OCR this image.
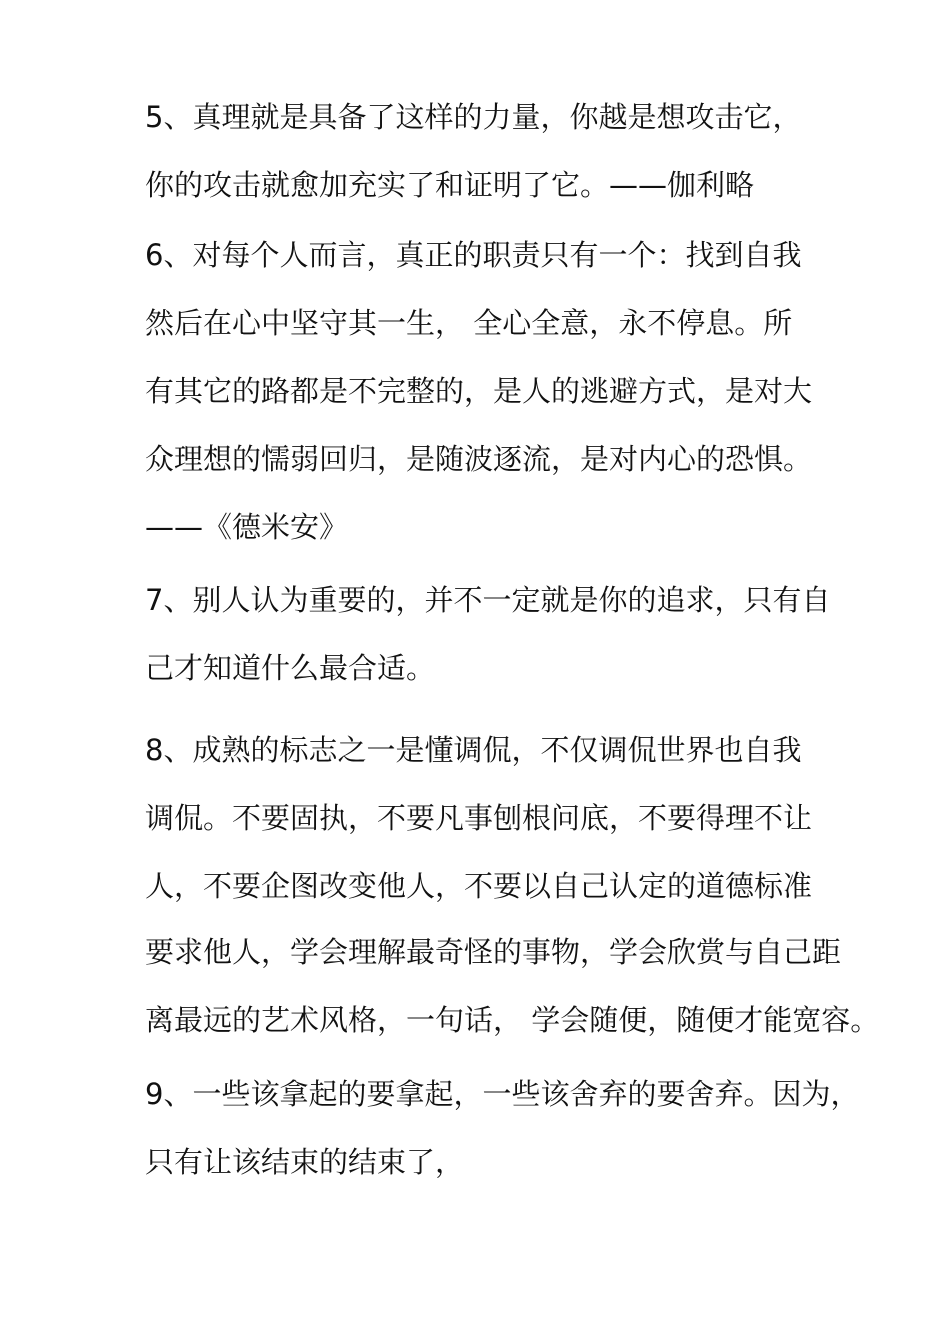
5、真理就是具备了这样的力量，你越是想攻击它，
你的攻击就愈加充实了和证明了它。——伽利略
6、对每个人而言，真正的职责只有一个：找到自我
然后在心中坚守其一生， 全心全意，永不停息。所
有其它的路都是不完整的，是人的逃避方式，是对大
众理想的懦弱回归，是随波逐流，是对内心的恐惧。
——《德米安》
7、别人认为重要的，并不一定就是你的追求，只有自
己才知道什么最合适。
8、成熟的标志之一是懂调侃，不仅调侃世界也自我
调侃。不要固执，不要凡事刨根问底，不要得理不让
人，不要企图改变他人，不要以自己认定的道德标准
要求他人，学会理解最奇怪的事物，学会欣赏与自己距
离最远的艺术风格，一句话， 学会随便，随便才能宽容。
9、一些该拿起的要拿起，一些该舍弃的要舍弃。因为，
只有让该结束的结束了，
